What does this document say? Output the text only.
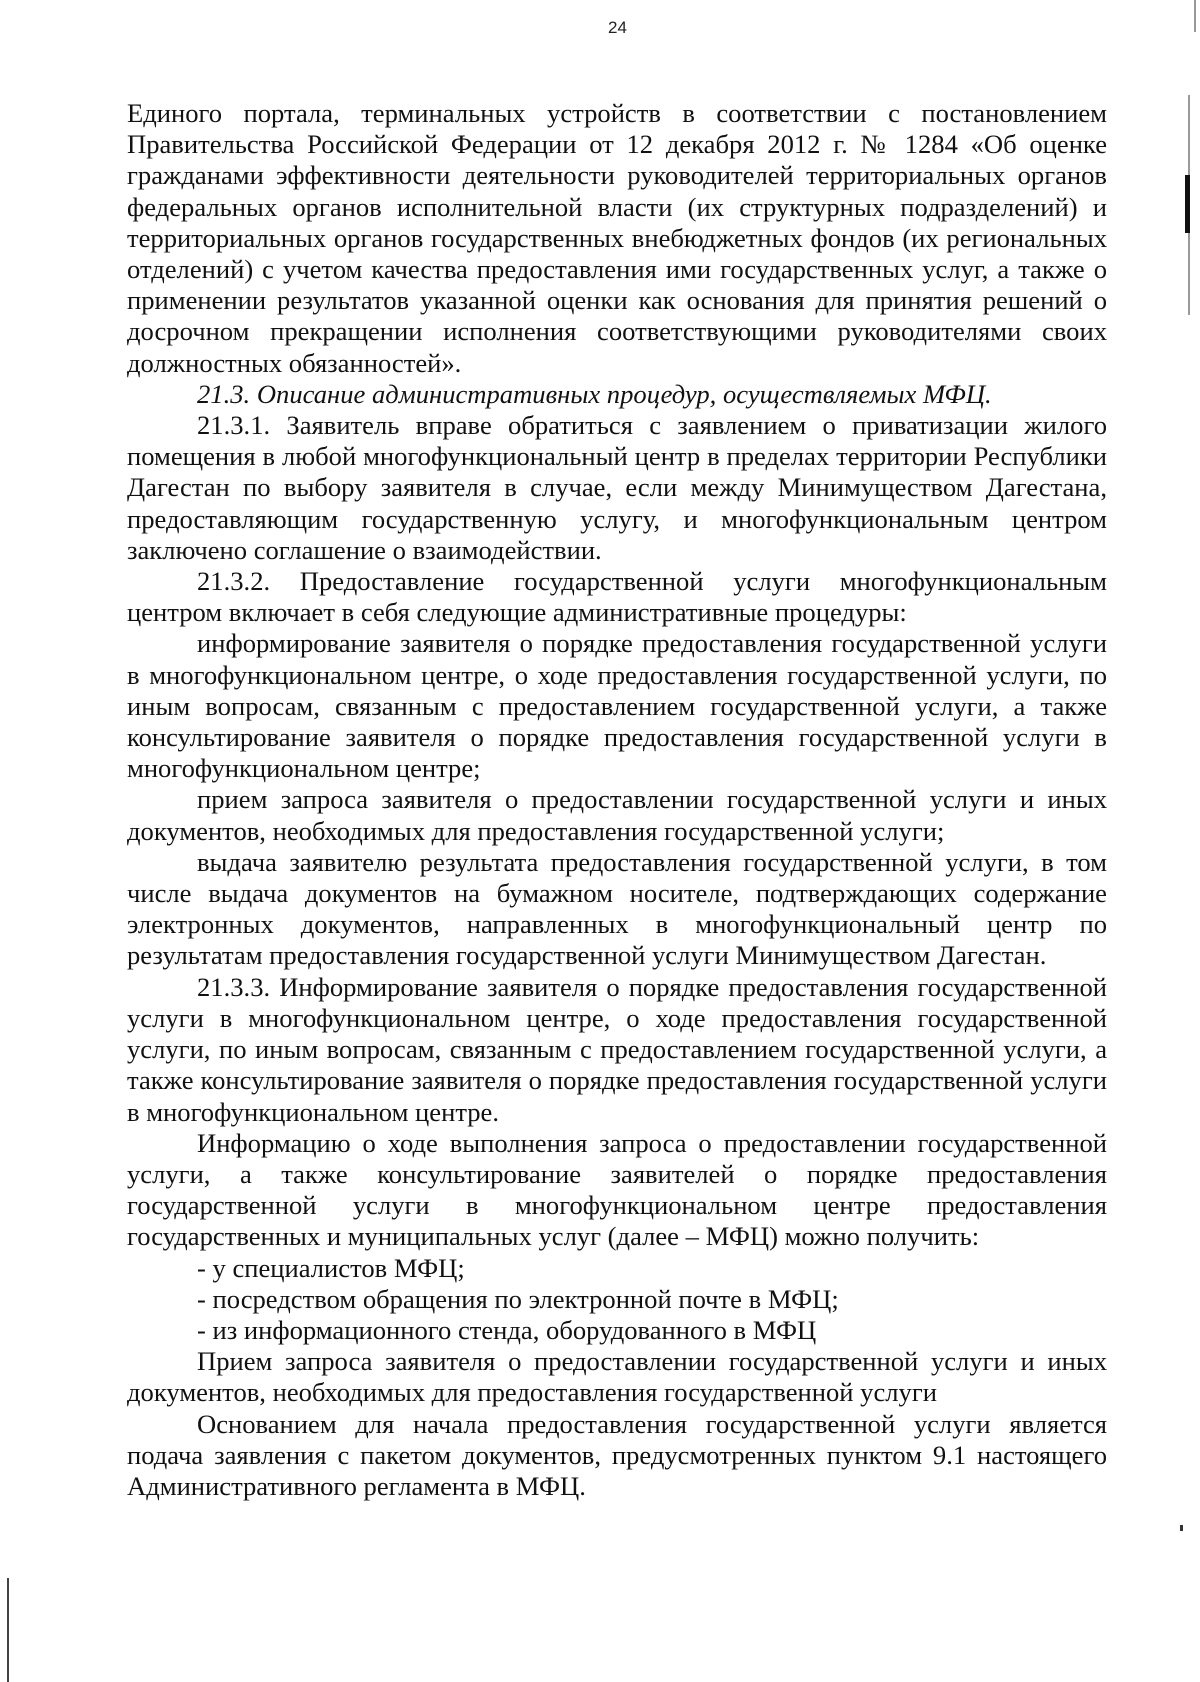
24

Единого портала, терминальных устройств в соответствии с постановлением Правительства Российской Федерации от 12 декабря 2012 г. № 1284 «Об оценке гражданами эффективности деятельности руководителей территориальных органов федеральных органов исполнительной власти (их структурных подразделений) и территориальных органов государственных внебюджетных фондов (их региональных отделений) с учетом качества предоставления ими государственных услуг, а также о применении результатов указанной оценки как основания для принятия решений о досрочном прекращении исполнения соответствующими руководителями своих должностных обязанностей».

21.3. Описание административных процедур, осуществляемых МФЦ.

21.3.1. Заявитель вправе обратиться с заявлением о приватизации жилого помещения в любой многофункциональный центр в пределах территории Республики Дагестан по выбору заявителя в случае, если между Минимуществом Дагестана, предоставляющим государственную услугу, и многофункциональным центром заключено соглашение о взаимодействии.

21.3.2. Предоставление государственной услуги многофункциональным центром включает в себя следующие административные процедуры:

информирование заявителя о порядке предоставления государственной услуги в многофункциональном центре, о ходе предоставления государственной услуги, по иным вопросам, связанным с предоставлением государственной услуги, а также консультирование заявителя о порядке предоставления государственной услуги в многофункциональном центре;

прием запроса заявителя о предоставлении государственной услуги и иных документов, необходимых для предоставления государственной услуги;

выдача заявителю результата предоставления государственной услуги, в том числе выдача документов на бумажном носителе, подтверждающих содержание электронных документов, направленных в многофункциональный центр по результатам предоставления государственной услуги Минимуществом Дагестан.

21.3.3. Информирование заявителя о порядке предоставления государственной услуги в многофункциональном центре, о ходе предоставления государственной услуги, по иным вопросам, связанным с предоставлением государственной услуги, а также консультирование заявителя о порядке предоставления государственной услуги в многофункциональном центре.

Информацию о ходе выполнения запроса о предоставлении государственной услуги, а также консультирование заявителей о порядке предоставления государственной услуги в многофункциональном центре предоставления государственных и муниципальных услуг (далее – МФЦ) можно получить:

- у специалистов МФЦ;

- посредством обращения по электронной почте в МФЦ;

- из информационного стенда, оборудованного в МФЦ

Прием запроса заявителя о предоставлении государственной услуги и иных документов, необходимых для предоставления государственной услуги

Основанием для начала предоставления государственной услуги является подача заявления с пакетом документов, предусмотренных пунктом 9.1 настоящего Административного регламента в МФЦ.
